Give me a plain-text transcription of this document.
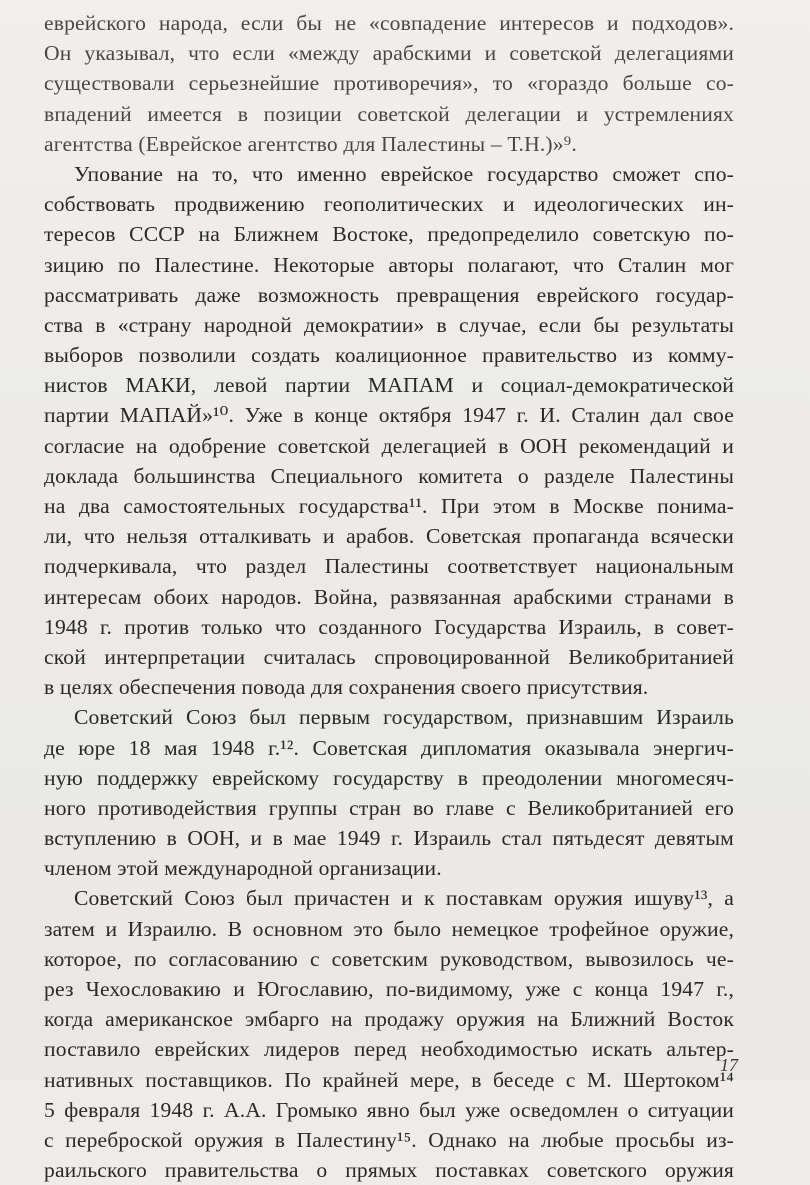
еврейского народа, если бы не «совпадение интересов и подходов».
Он указывал, что если «между арабскими и советской делегациями
существовали серьезнейшие противоречия», то «гораздо больше со-
впадений имеется в позиции советской делегации и устремлениях
агентства (Еврейское агентство для Палестины – Т.Н.)»⁹.
Упование на то, что именно еврейское государство сможет спо-
собствовать продвижению геополитических и идеологических ин-
тересов СССР на Ближнем Востоке, предопределило советскую по-
зицию по Палестине. Некоторые авторы полагают, что Сталин мог
рассматривать даже возможность превращения еврейского государ-
ства в «страну народной демократии» в случае, если бы результаты
выборов позволили создать коалиционное правительство из комму-
нистов МАКИ, левой партии МАПАМ и социал-демократической
партии МАПАЙ»¹⁰. Уже в конце октября 1947 г. И. Сталин дал свое
согласие на одобрение советской делегацией в ООН рекомендаций и
доклада большинства Специального комитета о разделе Палестины
на два самостоятельных государства¹¹. При этом в Москве понима-
ли, что нельзя отталкивать и арабов. Советская пропаганда всячески
подчеркивала, что раздел Палестины соответствует национальным
интересам обоих народов. Война, развязанная арабскими странами в
1948 г. против только что созданного Государства Израиль, в совет-
ской интерпретации считалась спровоцированной Великобританией
в целях обеспечения повода для сохранения своего присутствия.
Советский Союз был первым государством, признавшим Израиль
де юре 18 мая 1948 г.¹². Советская дипломатия оказывала энергич-
ную поддержку еврейскому государству в преодолении многомесяч-
ного противодействия группы стран во главе с Великобританией его
вступлению в ООН, и в мае 1949 г. Израиль стал пятьдесят девятым
членом этой международной организации.
Советский Союз был причастен и к поставкам оружия ишуву¹³, а
затем и Израилю. В основном это было немецкое трофейное оружие,
которое, по согласованию с советским руководством, вывозилось че-
рез Чехословакию и Югославию, по-видимому, уже с конца 1947 г.,
когда американское эмбарго на продажу оружия на Ближний Восток
поставило еврейских лидеров перед необходимостью искать альтер-
нативных поставщиков. По крайней мере, в беседе с М. Шертоком¹⁴
5 февраля 1948 г. А.А. Громыко явно был уже осведомлен о ситуации
с переброской оружия в Палестину¹⁵. Однако на любые просьбы из-
раильского правительства о прямых поставках советского оружия
17
